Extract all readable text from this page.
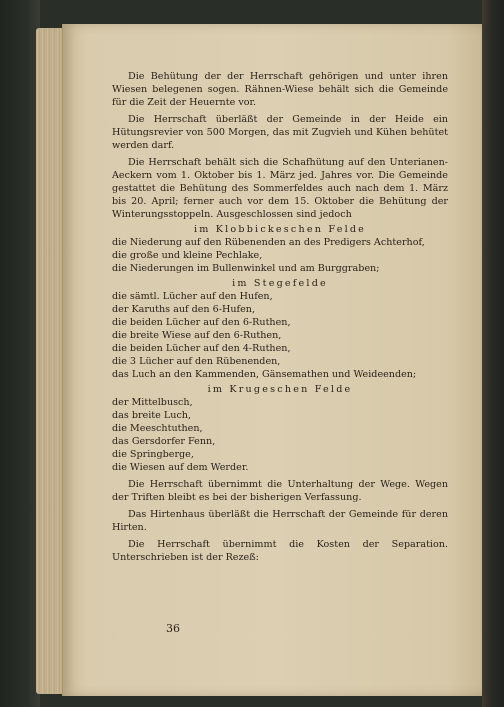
Die Behütung der der Herrschaft gehörigen und unter ihren Wiesen belegenen sogen. Rähnen-Wiese behält sich die Gemeinde für die Zeit der Heuernte vor.

Die Herrschaft überläßt der Gemeinde in der Heide ein Hütungsrevier von 500 Morgen, das mit Zugvieh und Kühen behütet werden darf.

Die Herrschaft behält sich die Schafhütung auf den Unterianen-Aeckern vom 1. Oktober bis 1. März jed. Jahres vor. Die Gemeinde gestattet die Behütung des Sommerfeldes auch nach dem 1. März bis 20. April; ferner auch vor dem 15. Oktober die Behütung der Winterungsstoppeln. Ausgeschlossen sind jedoch

im Klobbickeschen Felde

die Niederung auf den Rübenenden an des Predigers Achterhof,
die große und kleine Pechlake,
die Niederungen im Bullenwinkel und am Burggraben;

im Stegefelde

die sämtl. Lücher auf den Hufen,
der Karuths auf den 6-Hufen,
die beiden Lücher auf den 6-Ruthen,
die breite Wiese auf den 6-Ruthen,
die beiden Lücher auf den 4-Ruthen,
die 3 Lücher auf den Rübenenden,
das Luch an den Kammenden, Gänsemathen und Weideenden;

im Krugeschen Felde

der Mittelbusch,
das breite Luch,
die Meeschtuthen,
das Gersdorfer Fenn,
die Springberge,
die Wiesen auf dem Werder.

Die Herrschaft übernimmt die Unterhaltung der Wege. Wegen der Triften bleibt es bei der bisherigen Verfassung.

Das Hirtenhaus überläßt die Herrschaft der Gemeinde für deren Hirten.

Die Herrschaft übernimmt die Kosten der Separation. Unterschrieben ist der Rezeß:

36
